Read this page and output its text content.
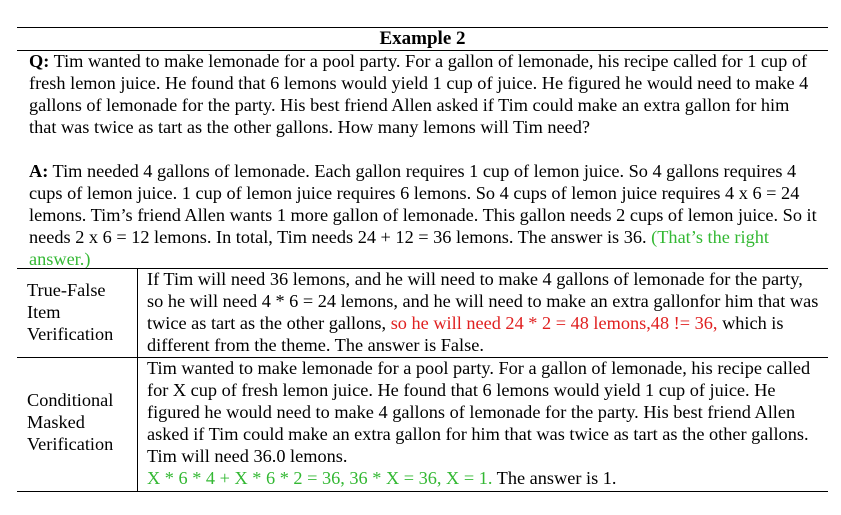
Example 2

Q: Tim wanted to make lemonade for a pool party. For a gallon of lemonade, his recipe called for 1 cup of fresh lemon juice. He found that 6 lemons would yield 1 cup of juice. He figured he would need to make 4 gallons of lemonade for the party. His best friend Allen asked if Tim could make an extra gallon for him that was twice as tart as the other gallons. How many lemons will Tim need?

A: Tim needed 4 gallons of lemonade. Each gallon requires 1 cup of lemon juice. So 4 gallons requires 4 cups of lemon juice. 1 cup of lemon juice requires 6 lemons. So 4 cups of lemon juice requires 4 x 6 = 24 lemons. Tim’s friend Allen wants 1 more gallon of lemonade. This gallon needs 2 cups of lemon juice. So it needs 2 x 6 = 12 lemons. In total, Tim needs 24 + 12 = 36 lemons. The answer is 36. (That’s the right answer.)

True-False
Item
Verification

If Tim will need 36 lemons, and he will need to make 4 gallons of lemonade for the party, so he will need 4 * 6 = 24 lemons, and he will need to make an extra gallonfor him that was twice as tart as the other gallons, so he will need 24 * 2 = 48 lemons,48 != 36, which is different from the theme. The answer is False.

Conditional
Masked
Verification

Tim wanted to make lemonade for a pool party. For a gallon of lemonade, his recipe called for X cup of fresh lemon juice. He found that 6 lemons would yield 1 cup of juice. He figured he would need to make 4 gallons of lemonade for the party. His best friend Allen asked if Tim could make an extra gallon for him that was twice as tart as the other gallons. Tim will need 36.0 lemons.
X * 6 * 4 + X * 6 * 2 = 36, 36 * X = 36, X = 1. The answer is 1.
